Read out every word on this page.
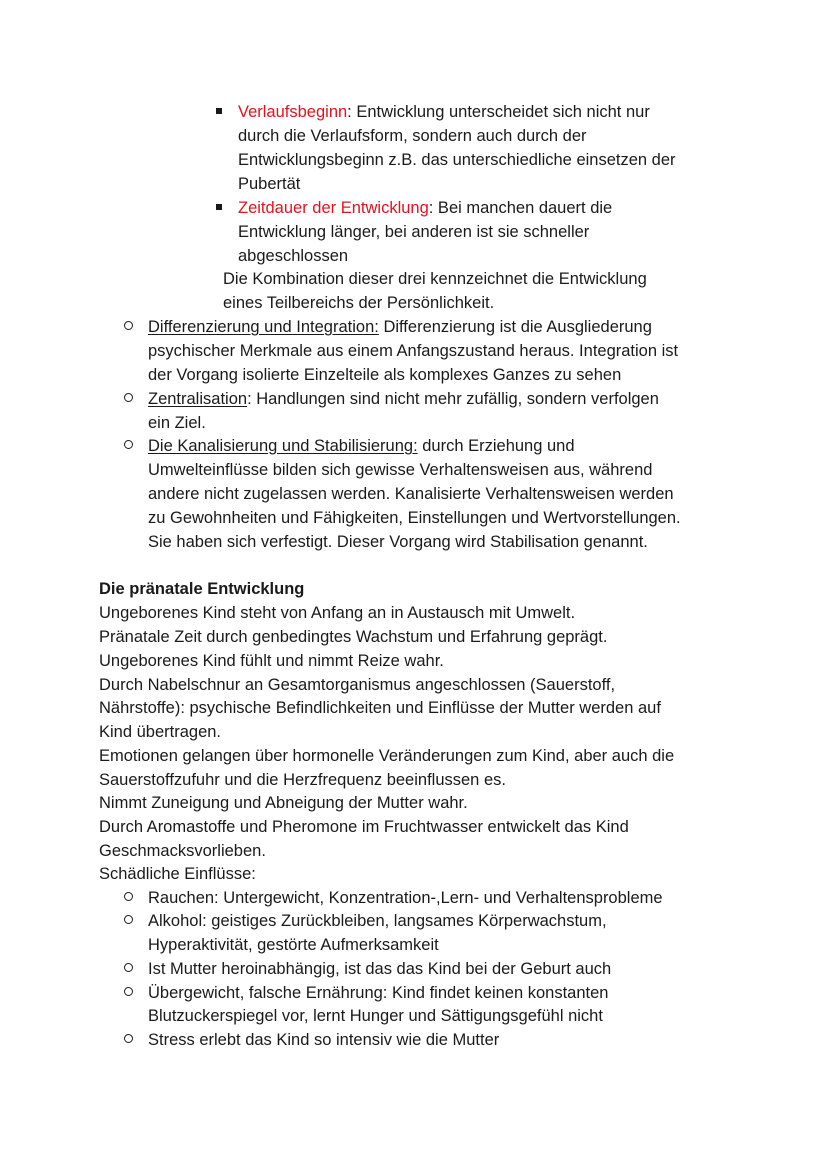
Verlaufsbeginn: Entwicklung unterscheidet sich nicht nur
durch die Verlaufsform, sondern auch durch der
Entwicklungsbeginn z.B. das unterschiedliche einsetzen der
Pubertät
Zeitdauer der Entwicklung: Bei manchen dauert die
Entwicklung länger, bei anderen ist sie schneller
abgeschlossen
Die Kombination dieser drei kennzeichnet die Entwicklung
eines Teilbereichs der Persönlichkeit.
Differenzierung und Integration: Differenzierung ist die Ausgliederung
psychischer Merkmale aus einem Anfangszustand heraus. Integration ist
der Vorgang isolierte Einzelteile als komplexes Ganzes zu sehen
Zentralisation: Handlungen sind nicht mehr zufällig, sondern verfolgen
ein Ziel.
Die Kanalisierung und Stabilisierung: durch Erziehung und
Umwelteinflüsse bilden sich gewisse Verhaltensweisen aus, während
andere nicht zugelassen werden. Kanalisierte Verhaltensweisen werden
zu Gewohnheiten und Fähigkeiten, Einstellungen und Wertvorstellungen.
Sie haben sich verfestigt. Dieser Vorgang wird Stabilisation genannt.
Die pränatale Entwicklung
Ungeborenes Kind steht von Anfang an in Austausch mit Umwelt.
Pränatale Zeit durch genbedingtes Wachstum und Erfahrung geprägt.
Ungeborenes Kind fühlt und nimmt Reize wahr.
Durch Nabelschnur an Gesamtorganismus angeschlossen (Sauerstoff,
Nährstoffe): psychische Befindlichkeiten und Einflüsse der Mutter werden auf
Kind übertragen.
Emotionen gelangen über hormonelle Veränderungen zum Kind, aber auch die
Sauerstoffzufuhr und die Herzfrequenz beeinflussen es.
Nimmt Zuneigung und Abneigung der Mutter wahr.
Durch Aromastoffe und Pheromone im Fruchtwasser entwickelt das Kind
Geschmacksvorlieben.
Schädliche Einflüsse:
Rauchen: Untergewicht, Konzentration-,Lern- und Verhaltensprobleme
Alkohol: geistiges Zurückbleiben, langsames Körperwachstum,
Hyperaktivität, gestörte Aufmerksamkeit
Ist Mutter heroinabhängig, ist das das Kind bei der Geburt auch
Übergewicht, falsche Ernährung: Kind findet keinen konstanten
Blutzuckerspiegel vor, lernt Hunger und Sättigungsgefühl nicht
Stress erlebt das Kind so intensiv wie die Mutter
